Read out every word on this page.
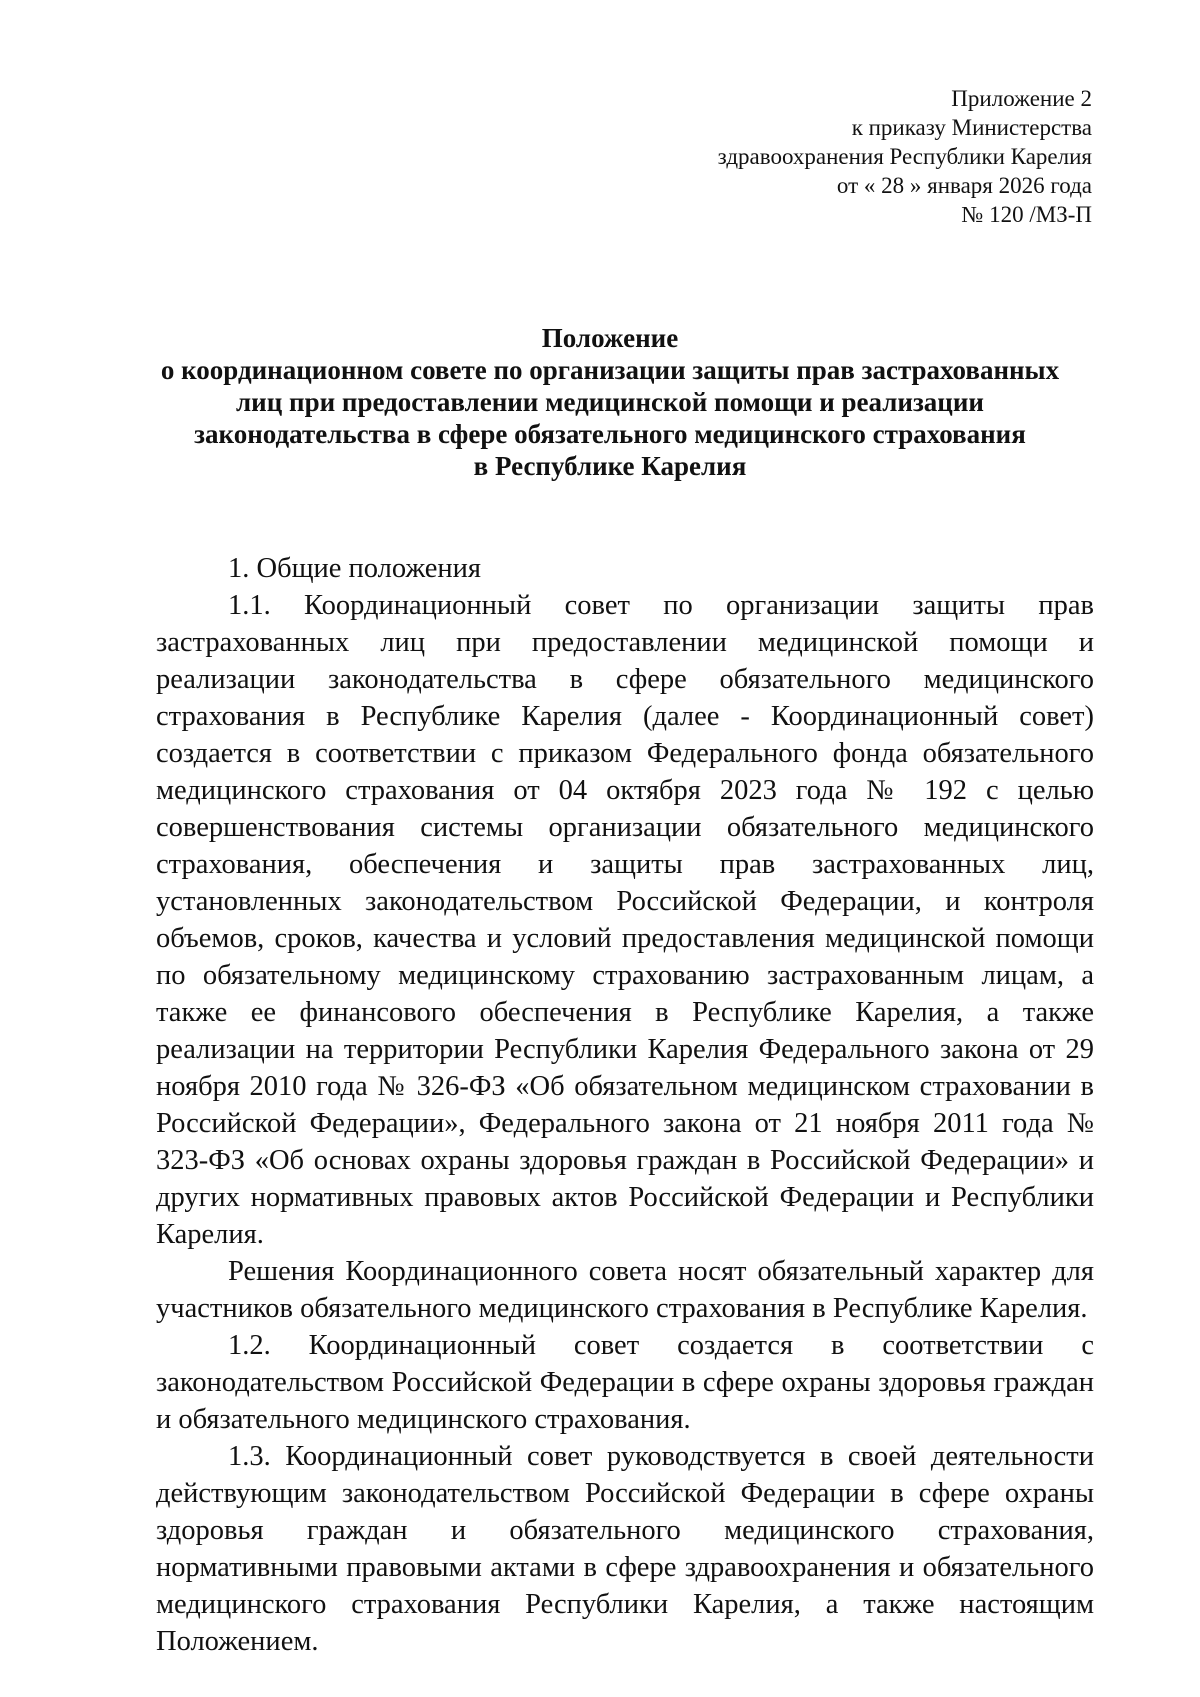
Приложение 2
к приказу Министерства
здравоохранения Республики Карелия
от « 28 » января 2026 года
№ 120 /МЗ-П
Положение
о координационном совете по организации защиты прав застрахованных
лиц при предоставлении медицинской помощи и реализации
законодательства в сфере обязательного медицинского страхования
в Республике Карелия

1. Общие положения

1.1. Координационный совет по организации защиты прав застрахованных лиц при предоставлении медицинской помощи и реализации законодательства в сфере обязательного медицинского страхования в Республике Карелия (далее - Координационный совет) создается в соответствии с приказом Федерального фонда обязательного медицинского страхования от 04 октября 2023 года № 192 с целью совершенствования системы организации обязательного медицинского страхования, обеспечения и защиты прав застрахованных лиц, установленных законодательством Российской Федерации, и контроля объемов, сроков, качества и условий предоставления медицинской помощи по обязательному медицинскому страхованию застрахованным лицам, а также ее финансового обеспечения в Республике Карелия, а также реализации на территории Республики Карелия Федерального закона от 29 ноября 2010 года № 326-ФЗ «Об обязательном медицинском страховании в Российской Федерации», Федерального закона от 21 ноября 2011 года № 323-ФЗ «Об основах охраны здоровья граждан в Российской Федерации» и других нормативных правовых актов Российской Федерации и Республики Карелия.

Решения Координационного совета носят обязательный характер для участников обязательного медицинского страхования в Республике Карелия.

1.2. Координационный совет создается в соответствии с законодательством Российской Федерации в сфере охраны здоровья граждан и обязательного медицинского страхования.

1.3. Координационный совет руководствуется в своей деятельности действующим законодательством Российской Федерации в сфере охраны здоровья граждан и обязательного медицинского страхования, нормативными правовыми актами в сфере здравоохранения и обязательного медицинского страхования Республики Карелия, а также настоящим Положением.
